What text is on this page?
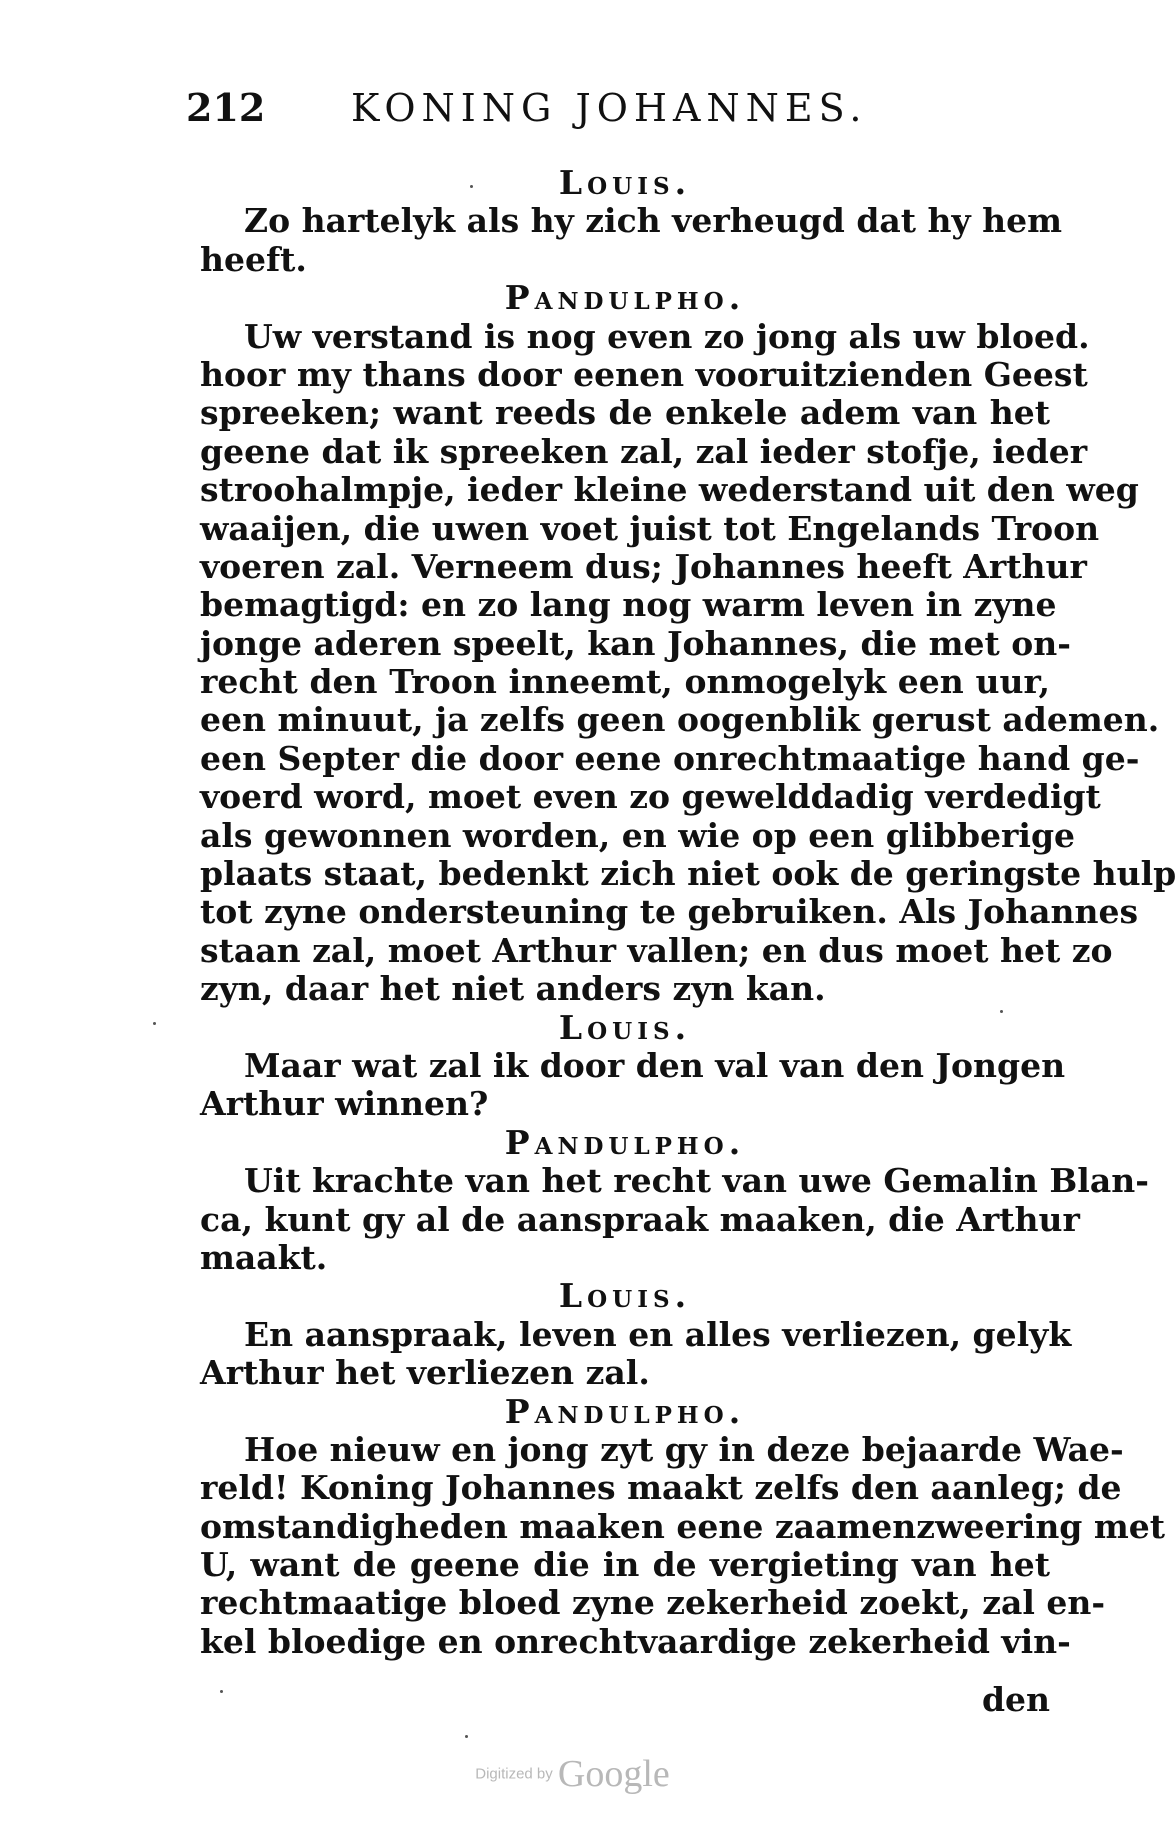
212 KONING JOHANNES.
Louis.
Zo hartelyk als hy zich verheugd dat hy hem
heeft.
Pandulpho.
Uw verstand is nog even zo jong als uw bloed.
hoor my thans door eenen vooruitzienden Geest
spreeken; want reeds de enkele adem van het
geene dat ik spreeken zal, zal ieder stofje, ieder
stroohalmpje, ieder kleine wederstand uit den weg
waaijen, die uwen voet juist tot Engelands Troon
voeren zal. Verneem dus; Johannes heeft Arthur
bemagtigd: en zo lang nog warm leven in zyne
jonge aderen speelt, kan Johannes, die met on-
recht den Troon inneemt, onmogelyk een uur,
een minuut, ja zelfs geen oogenblik gerust ademen.
een Septer die door eene onrechtmaatige hand ge-
voerd word, moet even zo gewelddadig verdedigt
als gewonnen worden, en wie op een glibberige
plaats staat, bedenkt zich niet ook de geringste hulp
tot zyne ondersteuning te gebruiken. Als Johannes
staan zal, moet Arthur vallen; en dus moet het zo
zyn, daar het niet anders zyn kan.
Louis.
Maar wat zal ik door den val van den Jongen
Arthur winnen?
Pandulpho.
Uit krachte van het recht van uwe Gemalin Blan-
ca, kunt gy al de aanspraak maaken, die Arthur
maakt.
Louis.
En aanspraak, leven en alles verliezen, gelyk
Arthur het verliezen zal.
Pandulpho.
Hoe nieuw en jong zyt gy in deze bejaarde Wae-
reld! Koning Johannes maakt zelfs den aanleg; de
omstandigheden maaken eene zaamenzweering met
U, want de geene die in de vergieting van het
rechtmaatige bloed zyne zekerheid zoekt, zal en-
kel bloedige en onrechtvaardige zekerheid vin-
den
Digitized by Google
